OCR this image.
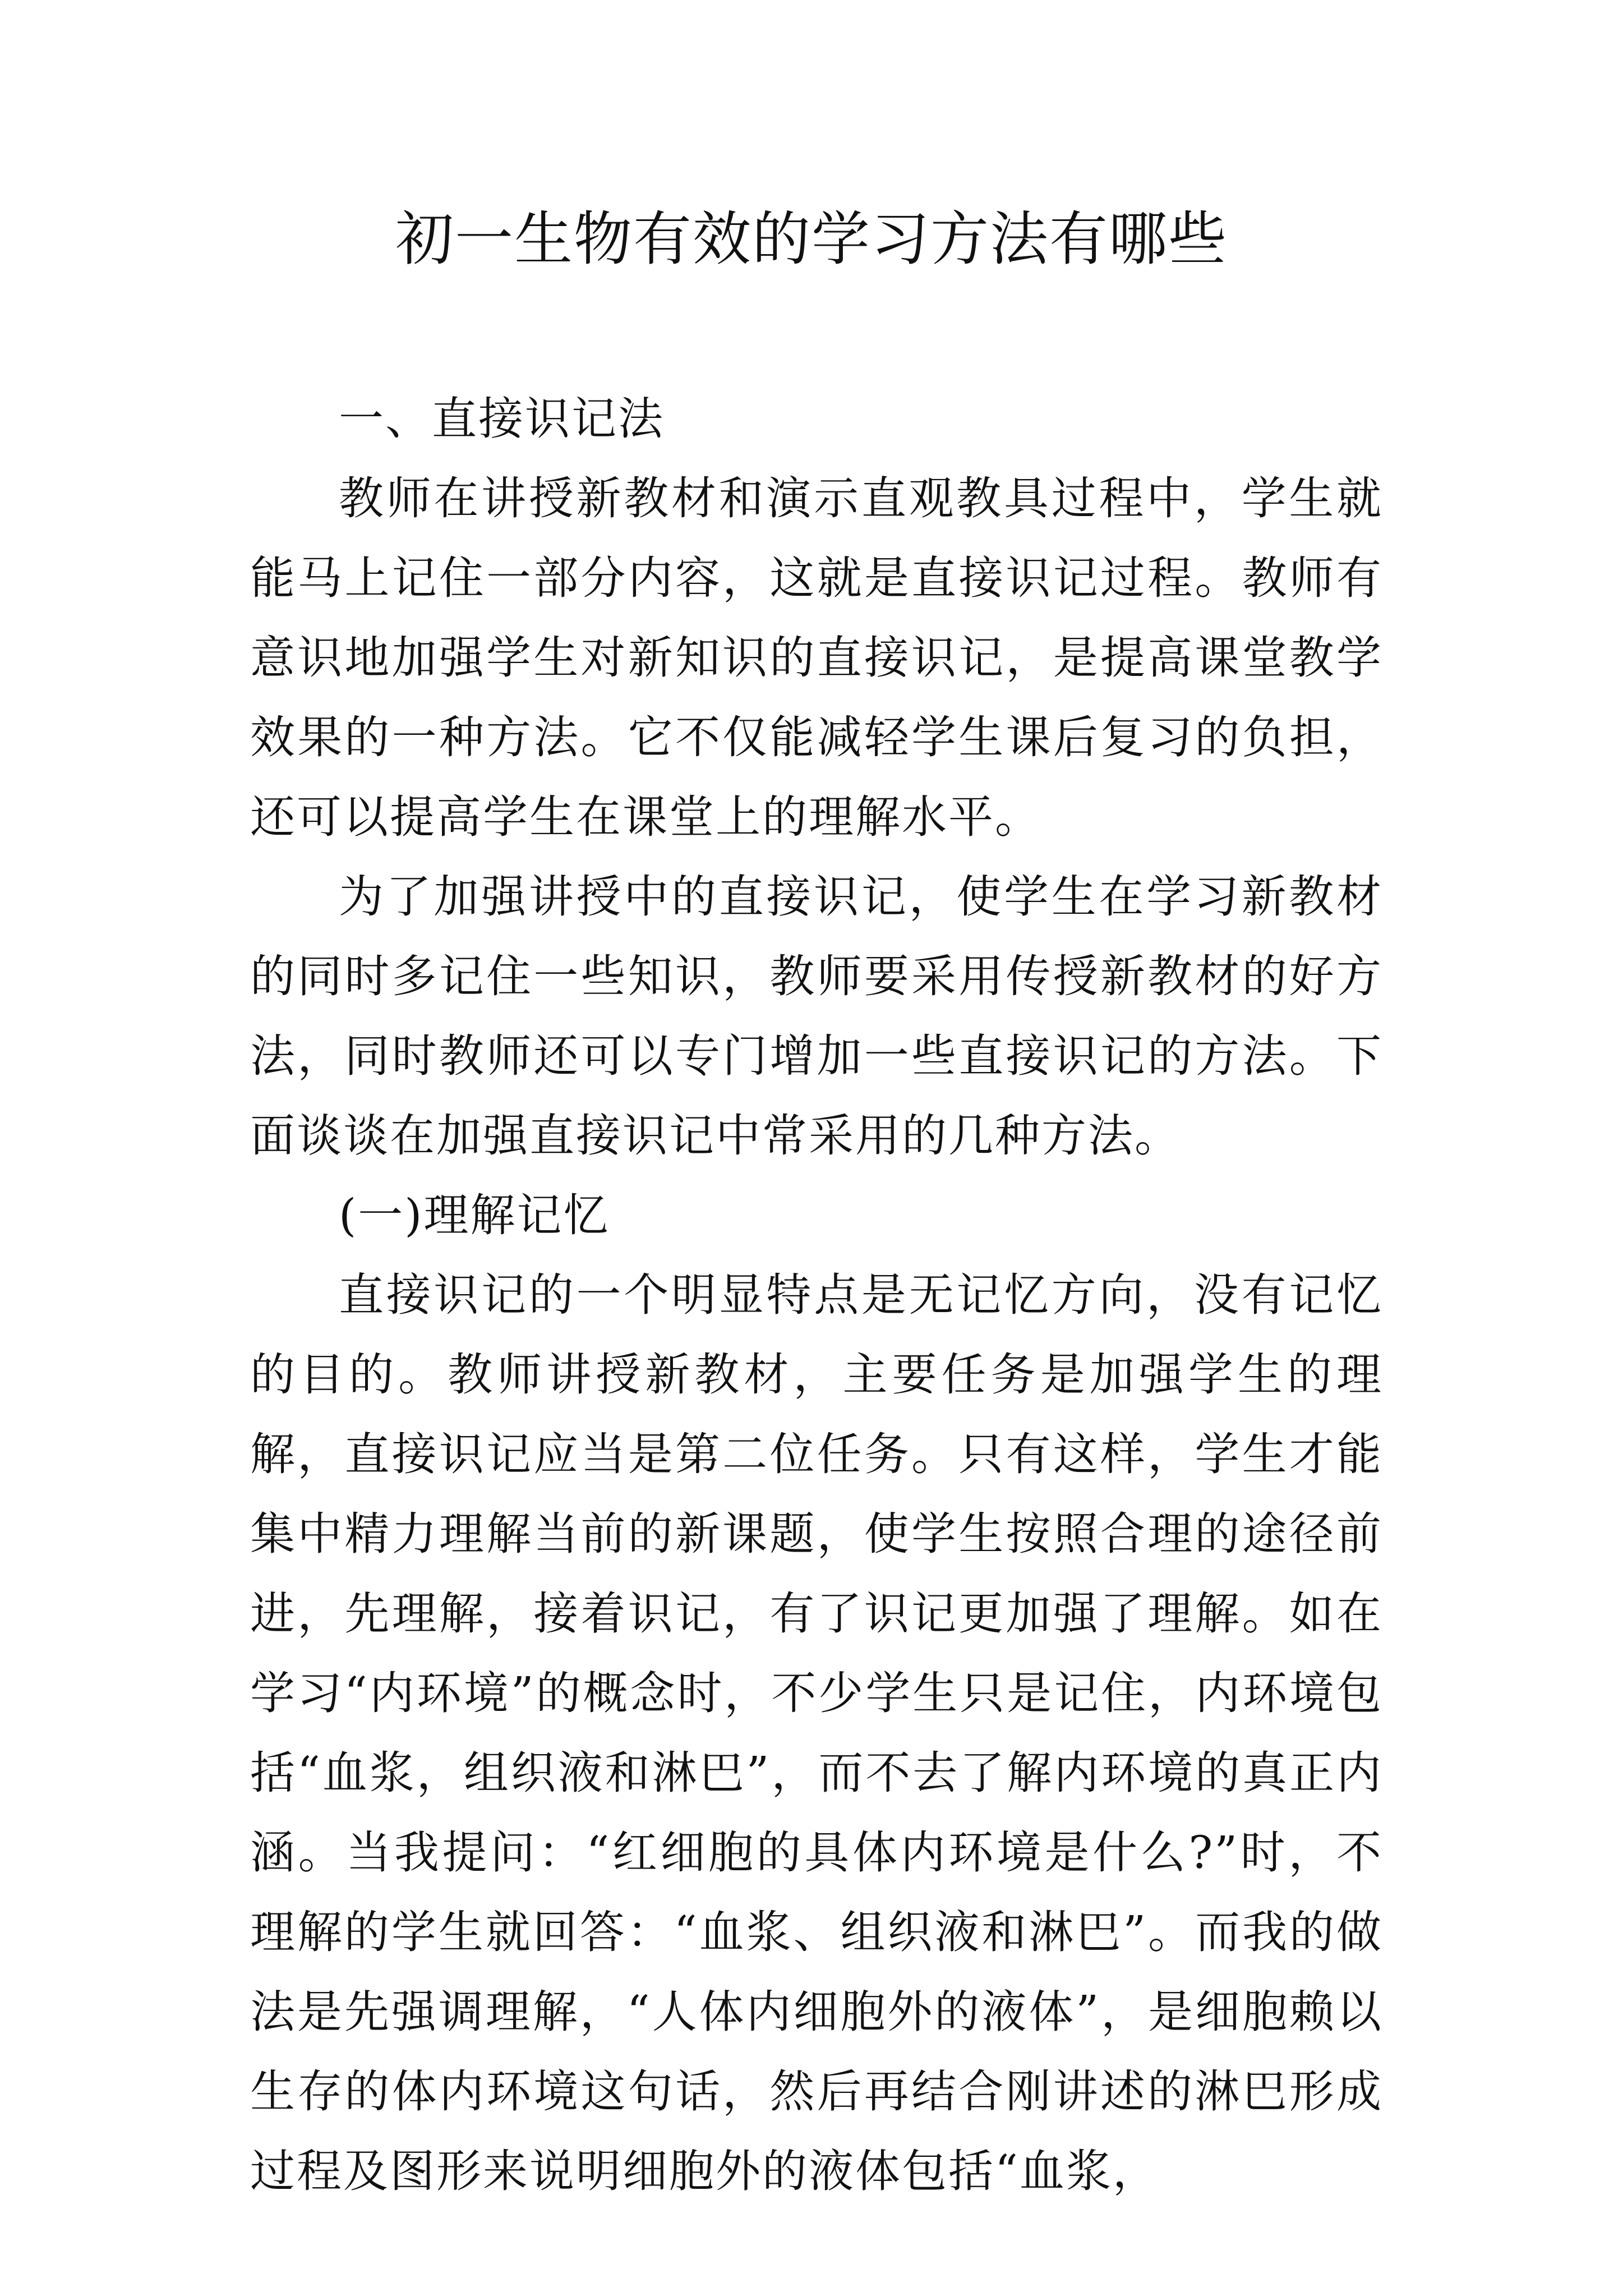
初一生物有效的学习方法有哪些

一、直接识记法

教师在讲授新教材和演示直观教具过程中，学生就能马上记住一部分内容，这就是直接识记过程。教师有意识地加强学生对新知识的直接识记，是提高课堂教学效果的一种方法。它不仅能减轻学生课后复习的负担，还可以提高学生在课堂上的理解水平。

为了加强讲授中的直接识记，使学生在学习新教材的同时多记住一些知识，教师要采用传授新教材的好方法，同时教师还可以专门增加一些直接识记的方法。下面谈谈在加强直接识记中常采用的几种方法。

(一)理解记忆

直接识记的一个明显特点是无记忆方向，没有记忆的目的。教师讲授新教材，主要任务是加强学生的理解，直接识记应当是第二位任务。只有这样，学生才能集中精力理解当前的新课题，使学生按照合理的途径前进，先理解，接着识记，有了识记更加强了理解。如在学习“内环境”的概念时，不少学生只是记住，内环境包括“血浆，组织液和淋巴”，而不去了解内环境的真正内涵。当我提问：“红细胞的具体内环境是什么?”时，不理解的学生就回答：“血浆、组织液和淋巴”。而我的做法是先强调理解，“人体内细胞外的液体”，是细胞赖以生存的体内环境这句话，然后再结合刚讲述的淋巴形成过程及图形来说明细胞外的液体包括“血浆，
